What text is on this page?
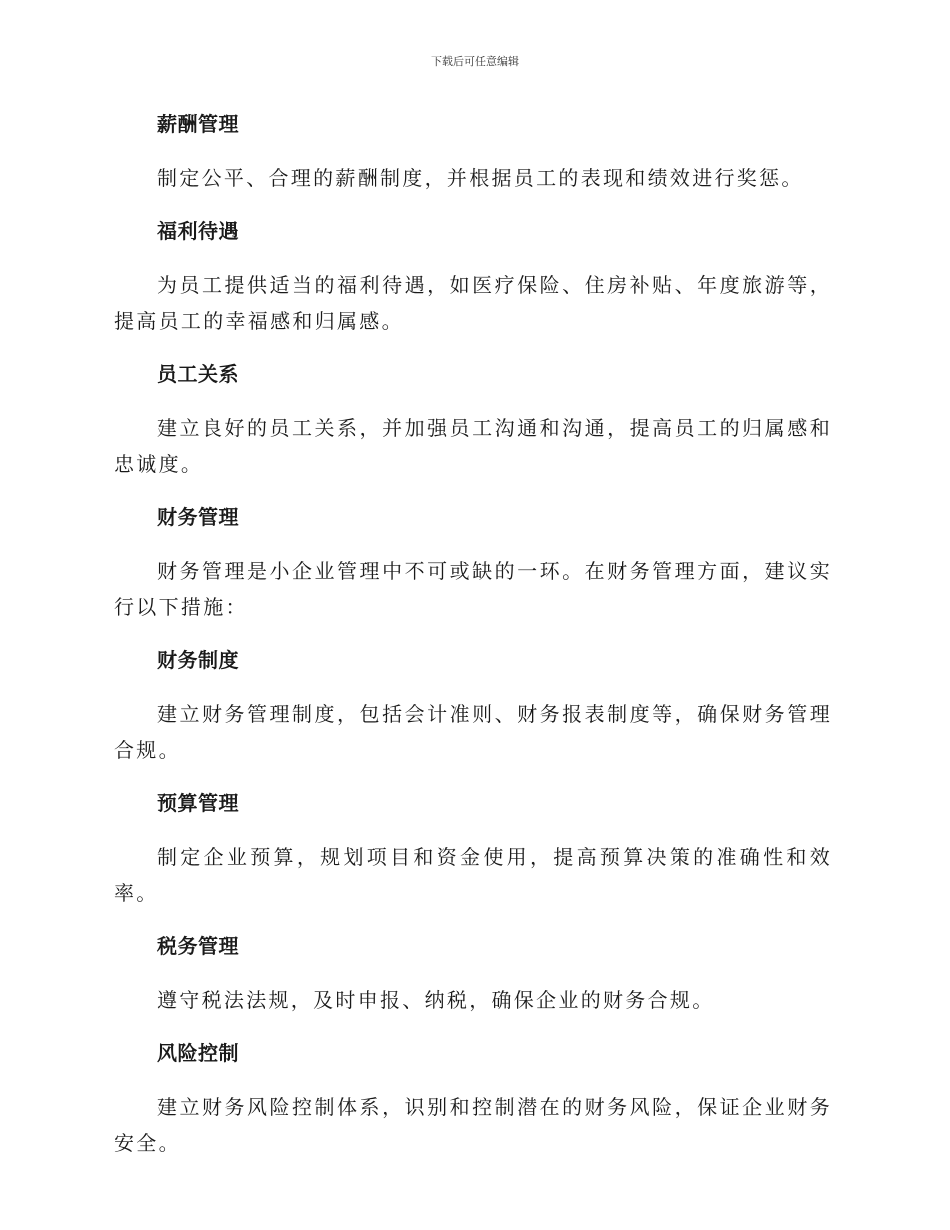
下载后可任意编辑
薪酬管理

制定公平、合理的薪酬制度，并根据员工的表现和绩效进行奖惩。

福利待遇

为员工提供适当的福利待遇，如医疗保险、住房补贴、年度旅游等，提高员工的幸福感和归属感。

员工关系

建立良好的员工关系，并加强员工沟通和沟通，提高员工的归属感和忠诚度。

财务管理

财务管理是小企业管理中不可或缺的一环。在财务管理方面，建议实行以下措施：

财务制度

建立财务管理制度，包括会计准则、财务报表制度等，确保财务管理合规。

预算管理

制定企业预算，规划项目和资金使用，提高预算决策的准确性和效率。

税务管理

遵守税法法规，及时申报、纳税，确保企业的财务合规。

风险控制

建立财务风险控制体系，识别和控制潜在的财务风险，保证企业财务安全。
